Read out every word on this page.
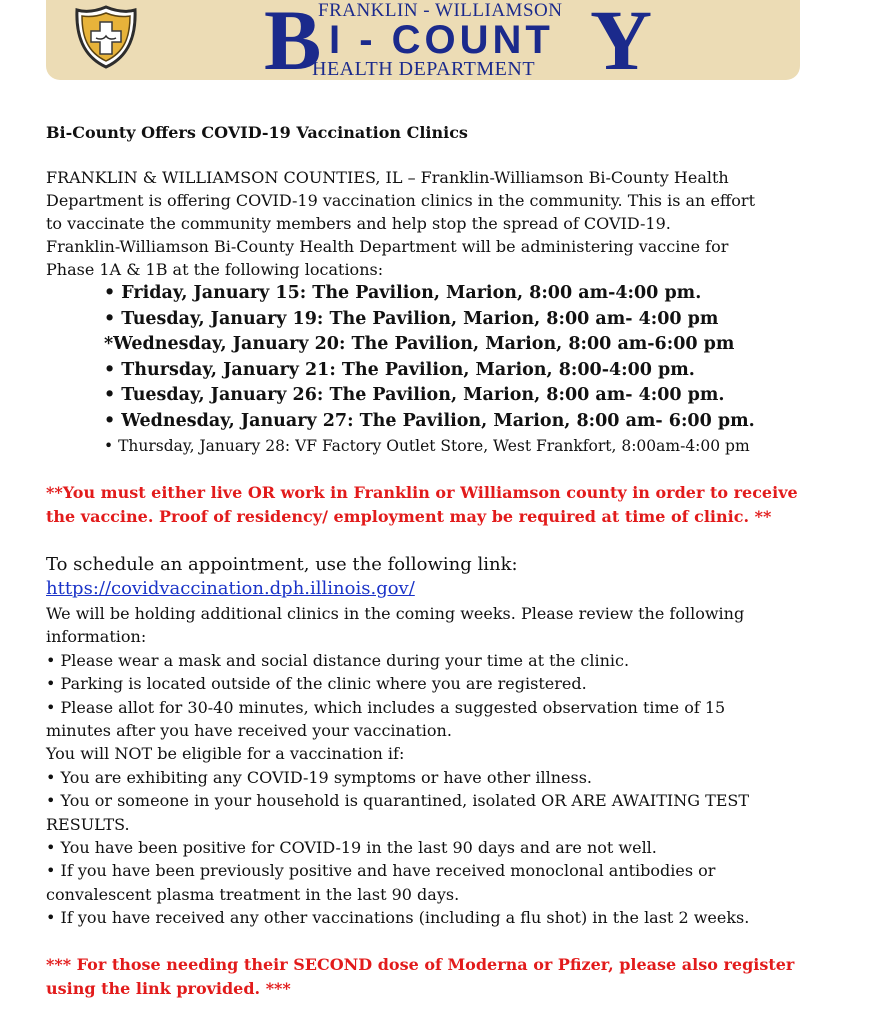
FRANKLIN - WILLIAMSON
B I - COUNT Y
HEALTH DEPARTMENT
Bi-County Offers COVID-19 Vaccination Clinics

FRANKLIN & WILLIAMSON COUNTIES, IL – Franklin-Williamson Bi-County Health

Department is offering COVID-19 vaccination clinics in the community. This is an effort

to vaccinate the community members and help stop the spread of COVID-19.

Franklin-Williamson Bi-County Health Department will be administering vaccine for

Phase 1A & 1B at the following locations:

• Friday, January 15: The Pavilion, Marion, 8:00 am-4:00 pm.
• Tuesday, January 19: The Pavilion, Marion, 8:00 am- 4:00 pm
*Wednesday, January 20: The Pavilion, Marion, 8:00 am-6:00 pm
• Thursday, January 21: The Pavilion, Marion, 8:00-4:00 pm.
• Tuesday, January 26: The Pavilion, Marion, 8:00 am- 4:00 pm.
• Wednesday, January 27: The Pavilion, Marion, 8:00 am- 6:00 pm.
• Thursday, January 28: VF Factory Outlet Store, West Frankfort, 8:00am-4:00 pm

**You must either live OR work in Franklin or Williamson county in order to receive

the vaccine. Proof of residency/ employment may be required at time of clinic. **

To schedule an appointment, use the following link:

https://covidvaccination.dph.illinois.gov/

We will be holding additional clinics in the coming weeks. Please review the following

information:

• Please wear a mask and social distance during your time at the clinic.

• Parking is located outside of the clinic where you are registered.

• Please allot for 30-40 minutes, which includes a suggested observation time of 15

minutes after you have received your vaccination.

You will NOT be eligible for a vaccination if:

• You are exhibiting any COVID-19 symptoms or have other illness.

• You or someone in your household is quarantined, isolated OR ARE AWAITING TEST

RESULTS.

• You have been positive for COVID-19 in the last 90 days and are not well.

• If you have been previously positive and have received monoclonal antibodies or

convalescent plasma treatment in the last 90 days.

• If you have received any other vaccinations (including a flu shot) in the last 2 weeks.

*** For those needing their SECOND dose of Moderna or Pfizer, please also register

using the link provided. ***
